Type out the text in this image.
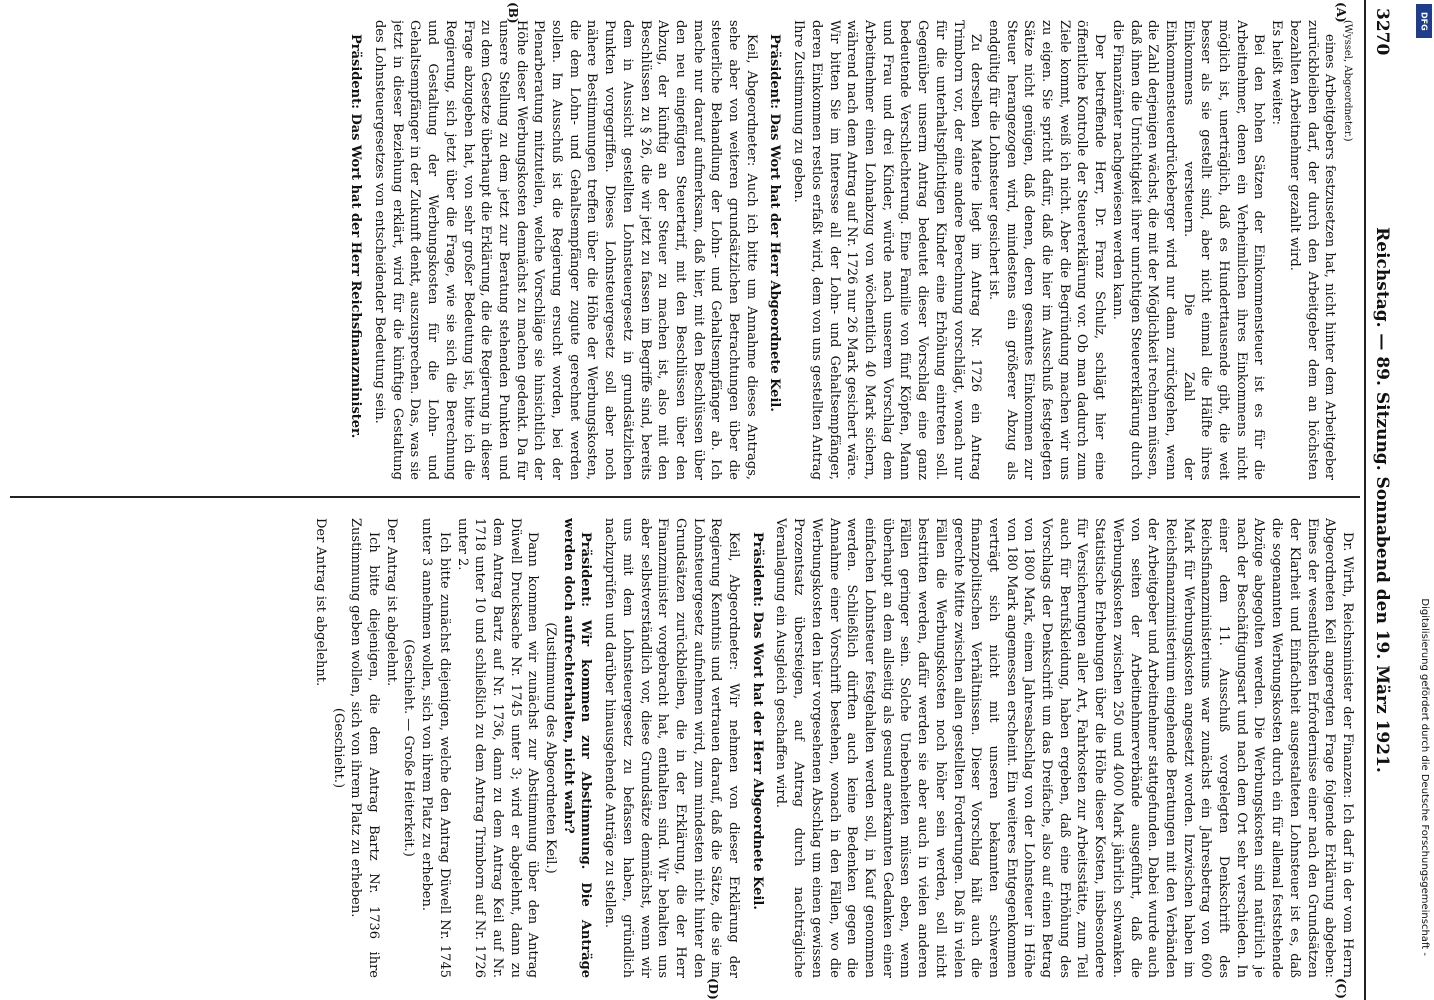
3270
Reichstag. — 89. Sitzung. Sonnabend den 19. März 1921.
(A)
(B)
(C)
(D)

(Wyssel, Abgeordneter.)

eines Arbeitgebers festzusetzen hat, nicht hinter dem Arbeitgeber zurückbleiben darf, der durch den Arbeitgeber dem an höchsten bezahlten Arbeitnehmer gezahlt wird.

Es heißt weiter:

Bei den hohen Sätzen der Einkommensteuer ist es für die Arbeitnehmer, denen ein Verheimlichen ihres Einkommens nicht möglich ist, unerträglich, daß es Hunderttausende gibt, die weit besser als sie gestellt sind, aber nicht einmal die Hälfte ihres Einkommens versteuern. Die Zahl der Einkommensteuerdrückeberger wird nur dann zurückgehen, wenn die Zahl derjenigen wächst, die mit der Möglichkeit rechnen müssen, daß ihnen die Unrichtigkeit ihrer unrichtigen Steuererklärung durch die Finanzämter nachgewiesen werden kann.

Der betreffende Herr, Dr. Franz Schulz, schlägt hier eine öffentliche Kontrolle der Steuererklärung vor. Ob man dadurch zum Ziele kommt, weiß ich nicht. Aber die Begründung machen wir uns zu eigen. Sie spricht dafür, daß die hier im Ausschuß festgelegten Sätze nicht genügen, daß denen, deren gesamtes Einkommen zur Steuer herangezogen wird, mindestens ein größerer Abzug als endgültig für die Lohnsteuer gesichert ist.

Zu derselben Materie liegt im Antrag Nr. 1726 ein Antrag Trimborn vor, der eine andere Berechnung vorschlägt, wonach nur für die unterhaltspflichtigen Kinder eine Erhöhung eintreten soll. Gegenüber unserm Antrag bedeutet dieser Vorschlag eine ganz bedeutende Verschlechterung. Eine Familie von fünf Köpfen, Mann und Frau und drei Kinder, würde nach unserem Vorschlag dem Arbeitnehmer einen Lohnabzug von wöchentlich 40 Mark sichern, während nach dem Antrag auf Nr. 1726 nur 26 Mark gesichert wäre. Wir bitten Sie im Interesse all der Lohn- und Gehaltsempfänger, deren Einkommen restlos erfaßt wird, dem von uns gestellten Antrag Ihre Zustimmung zu geben.

Präsident: Das Wort hat der Herr Abgeordnete Keil.

Keil, Abgeordneter: Auch ich bitte um Annahme dieses Antrags, sehe aber von weiteren grundsätzlichen Betrachtungen über die steuerliche Behandlung der Lohn- und Gehaltsempfänger ab. Ich mache nur darauf aufmerksam, daß hier, mit den Beschlüssen über den neu eingefügten Steuertarif, mit den Beschlüssen über den Abzug, der künftig an der Steuer zu machen ist, also mit den Beschlüssen zu § 26, die wir jetzt zu fassen im Begriffe sind, bereits dem in Aussicht gestellten Lohnsteuergesetz in grundsätzlichen Punkten vorgegriffen. Dieses Lohnsteuergesetz soll aber noch nähere Bestimmungen treffen über die Höhe der Werbungskosten, die dem Lohn- und Gehaltsempfänger zugute gerechnet werden sollen. Im Ausschuß ist die Regierung ersucht worden, bei der Plenarberatung mitzuteilen, welche Vorschläge sie hinsichtlich der Höhe dieser Werbungskosten demnächst zu machen gedenkt. Da für unsere Stellung zu dem jetzt zur Beratung stehenden Punkten und zu dem Gesetze überhaupt die Erklärung, die die Regierung in dieser Frage abzugeben hat, von sehr großer Bedeutung ist, bitte ich die Regierung, sich jetzt über die Frage, wie sie sich die Berechnung und Gestaltung der Werbungskosten für die Lohn- und Gehaltsempfänger in der Zukunft denkt, auszusprechen. Das, was sie jetzt in dieser Beziehung erklärt, wird für die künftige Gestaltung des Lohnsteuergesetzes von entscheidender Bedeutung sein.

Präsident: Das Wort hat der Herr Reichsfinanzminister.

Dr. Wirth, Reichsminister der Finanzen: Ich darf in der vom Herrn Abgeordneten Keil angeregten Frage folgende Erklärung abgeben: Eines der wesentlichsten Erfordernisse einer nach den Grundsätzen der Klarheit und Einfachheit ausgestalteten Lohnsteuer ist es, daß die sogenannten Werbungskosten durch ein für allemal feststehende Abzüge abgegolten werden. Die Werbungskosten sind natürlich je nach der Beschäftigungsart und nach dem Ort sehr verschieden. In einer dem 11. Ausschuß vorgelegten Denkschrift des Reichsfinanzministeriums war zunächst ein Jahresbetrag von 600 Mark für Werbungskosten angesetzt worden. Inzwischen haben im Reichsfinanzministerium eingehende Beratungen mit den Verbänden der Arbeitgeber und Arbeitnehmer stattgefunden. Dabei wurde auch von seiten der Arbeitnehmerverbände ausgeführt, daß die Werbungskosten zwischen 250 und 4000 Mark jährlich schwanken. Statistische Erhebungen über die Höhe dieser Kosten, insbesondere für Versicherungen aller Art, Fahrkosten zur Arbeitsstätte, zum Teil auch für Berufskleidung, haben ergeben, daß eine Erhöhung des Vorschlags der Denkschrift um das Dreifache, also auf einen Betrag von 1800 Mark, einem Jahresabschlag von der Lohnsteuer in Höhe von 180 Mark angemessen erscheint. Ein weiteres Entgegenkommen verträgt sich nicht mit unseren bekannten schweren finanzpolitischen Verhältnissen. Dieser Vorschlag hält auch die gerechte Mitte zwischen allen gestellten Forderungen. Daß in vielen Fällen die Werbungskosten noch höher sein werden, soll nicht bestritten werden, dafür werden sie aber auch in vielen anderen Fällen geringer sein. Solche Unebenheiten müssen eben, wenn überhaupt an dem allseitig als gesund anerkannten Gedanken einer einfachen Lohnsteuer festgehalten werden soll, in Kauf genommen werden. Schließlich dürften auch keine Bedenken gegen die Annahme einer Vorschrift bestehen, wonach in den Fällen, wo die Werbungskosten den hier vorgesehenen Abschlag um einen gewissen Prozentsatz übersteigen, auf Antrag durch nachträgliche Veranlagung ein Ausgleich geschaffen wird.

Präsident: Das Wort hat der Herr Abgeordnete Keil.

Keil, Abgeordneter: Wir nehmen von dieser Erklärung der Regierung Kenntnis und vertrauen darauf, daß die Sätze, die sie im Lohnsteuergesetz aufnehmen wird, zum mindesten nicht hinter den Grundsätzen zurückbleiben, die in der Erklärung, die der Herr Finanzminister vorgebracht hat, enthalten sind. Wir behalten uns aber selbstverständlich vor, diese Grundsätze demnächst, wenn wir uns mit dem Lohnsteuergesetz zu befassen haben, gründlich nachzuprüfen und darüber hinausgehende Anträge zu stellen.

Präsident: Wir kommen zur Abstimmung. Die Anträge werden doch aufrechterhalten, nicht wahr?

(Zustimmung des Abgeordneten Keil.)

Dann kommen wir zunächst zur Abstimmung über den Antrag Düwell Drucksache Nr. 1745 unter 3; wird er abgelehnt, dann zu dem Antrag Bartz auf Nr. 1736, dann zu dem Antrag Keil auf Nr. 1718 unter 10 und schließlich zu dem Antrag Trimborn auf Nr. 1726 unter 2.

Ich bitte zunächst diejenigen, welche den Antrag Düwell Nr. 1745 unter 3 annehmen wollen, sich von ihrem Platz zu erheben.

(Geschieht. — Große Heiterkeit.)

Der Antrag ist abgelehnt.

Ich bitte diejenigen, die dem Antrag Bartz Nr. 1736 ihre Zustimmung geben wollen, sich von ihrem Platz zu erheben.

(Geschieht.)

Der Antrag ist abgelehnt.

DFG
Digitalisierung gefördert durch die Deutsche Forschungsgemeinschaft -
